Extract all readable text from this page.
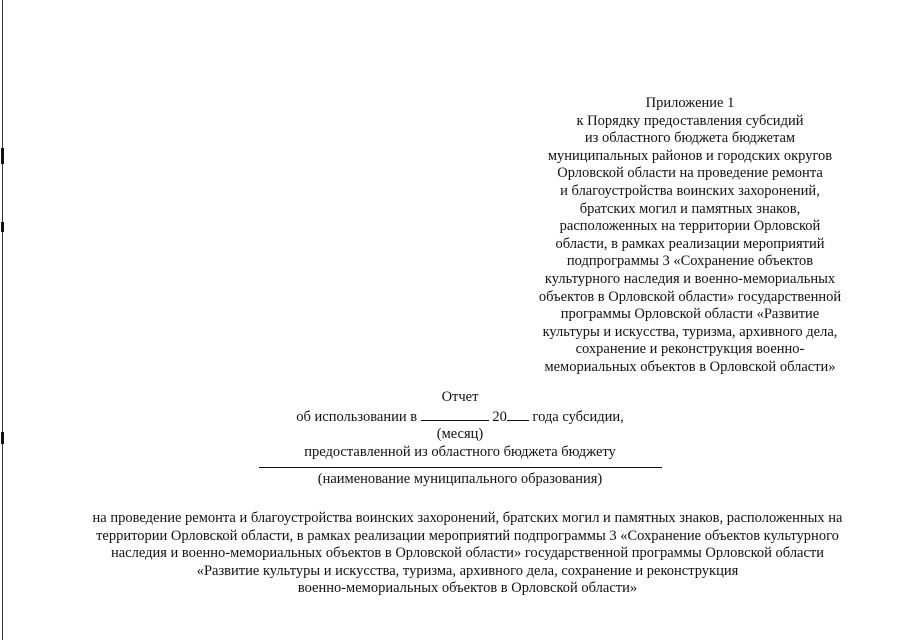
Приложение 1
к Порядку предоставления субсидий
из областного бюджета бюджетам
муниципальных районов и городских округов
Орловской области на проведение ремонта
и благоустройства воинских захоронений,
братских могил и памятных знаков,
расположенных на территории Орловской
области, в рамках реализации мероприятий
подпрограммы 3 «Сохранение объектов
культурного наследия и военно-мемориальных
объектов в Орловской области» государственной
программы Орловской области «Развитие
культуры и искусства, туризма, архивного дела,
сохранение и реконструкция военно-
мемориальных объектов в Орловской области»
Отчет
об использовании в	20 года субсидии,
(месяц)
предоставленной из областного бюджета бюджету
(наименование муниципального образования)
на проведение ремонта и благоустройства воинских захоронений, братских могил и памятных знаков, расположенных на
территории Орловской области, в рамках реализации мероприятий подпрограммы 3 «Сохранение объектов культурного
наследия и военно-мемориальных объектов в Орловской области» государственной программы Орловской области
«Развитие культуры и искусства, туризма, архивного дела, сохранение и реконструкция
военно-мемориальных объектов в Орловской области»
